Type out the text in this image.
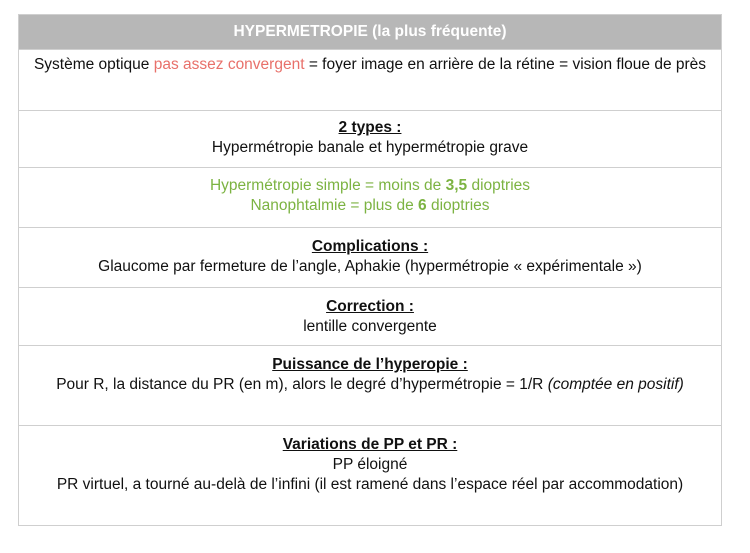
HYPERMETROPIE (la plus fréquente)
Système optique pas assez convergent = foyer image en arrière de la rétine = vision floue de près
2 types :
Hypermétropie banale et hypermétropie grave
Hypermétropie simple = moins de 3,5 dioptries
Nanophtalmie = plus de 6 dioptries
Complications :
Glaucome par fermeture de l’angle, Aphakie (hypermétropie « expérimentale »)
Correction :
lentille convergente
Puissance de l’hyperopie :
Pour R, la distance du PR (en m), alors le degré d’hypermétropie = 1/R (comptée en positif)
Variations de PP et PR :
PP éloigné
PR virtuel, a tourné au-delà de l’infini (il est ramené dans l’espace réel par accommodation)
